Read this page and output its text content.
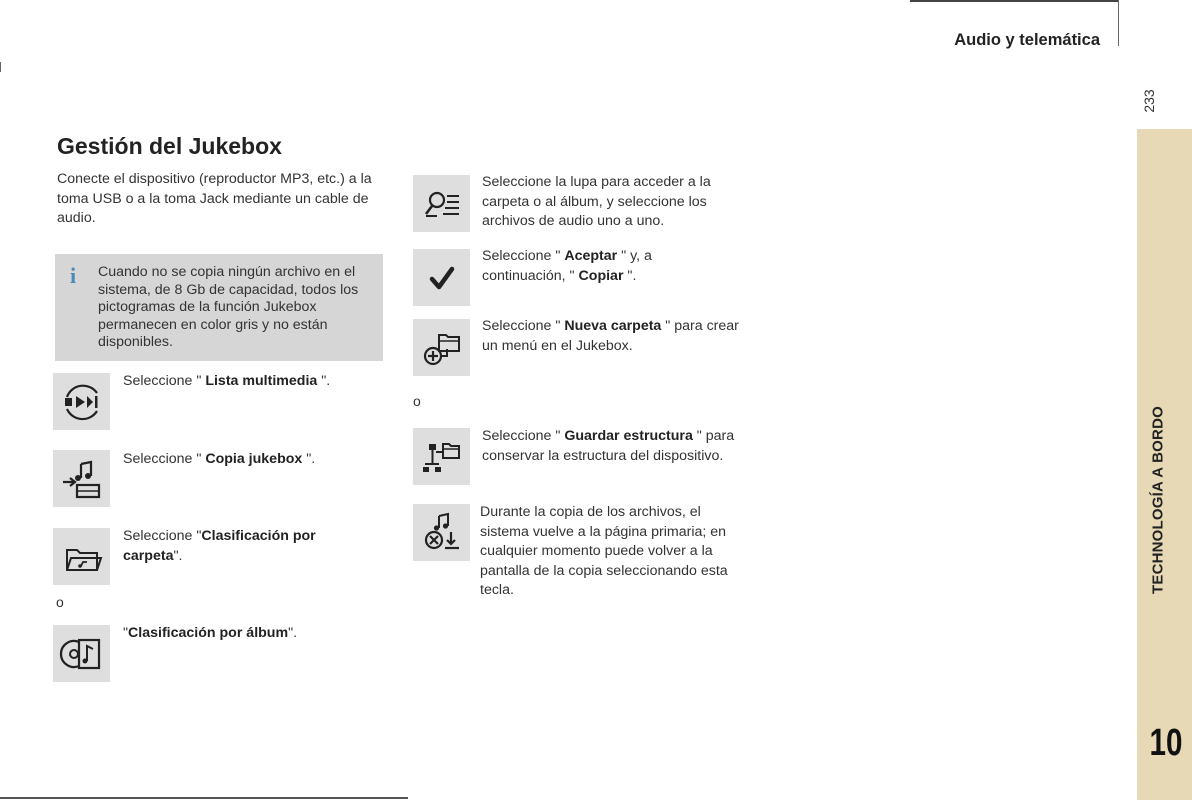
Audio y telemática
233
TECHNOLOGÍA A BORDO
10
Gestión del Jukebox
Conecte el dispositivo (reproductor MP3, etc.) a la toma USB o a la toma Jack mediante un cable de audio.
i Cuando no se copia ningún archivo en el sistema, de 8 Gb de capacidad, todos los pictogramas de la función Jukebox permanecen en color gris y no están disponibles.
Seleccione " Lista multimedia ".
Seleccione " Copia jukebox ".
Seleccione "Clasificación por carpeta".
o
"Clasificación por álbum".
Seleccione la lupa para acceder a la carpeta o al álbum, y seleccione los archivos de audio uno a uno.
Seleccione " Aceptar " y, a continuación, " Copiar ".
Seleccione " Nueva carpeta " para crear un menú en el Jukebox.
o
Seleccione " Guardar estructura " para conservar la estructura del dispositivo.
Durante la copia de los archivos, el sistema vuelve a la página primaria; en cualquier momento puede volver a la pantalla de la copia seleccionando esta tecla.
